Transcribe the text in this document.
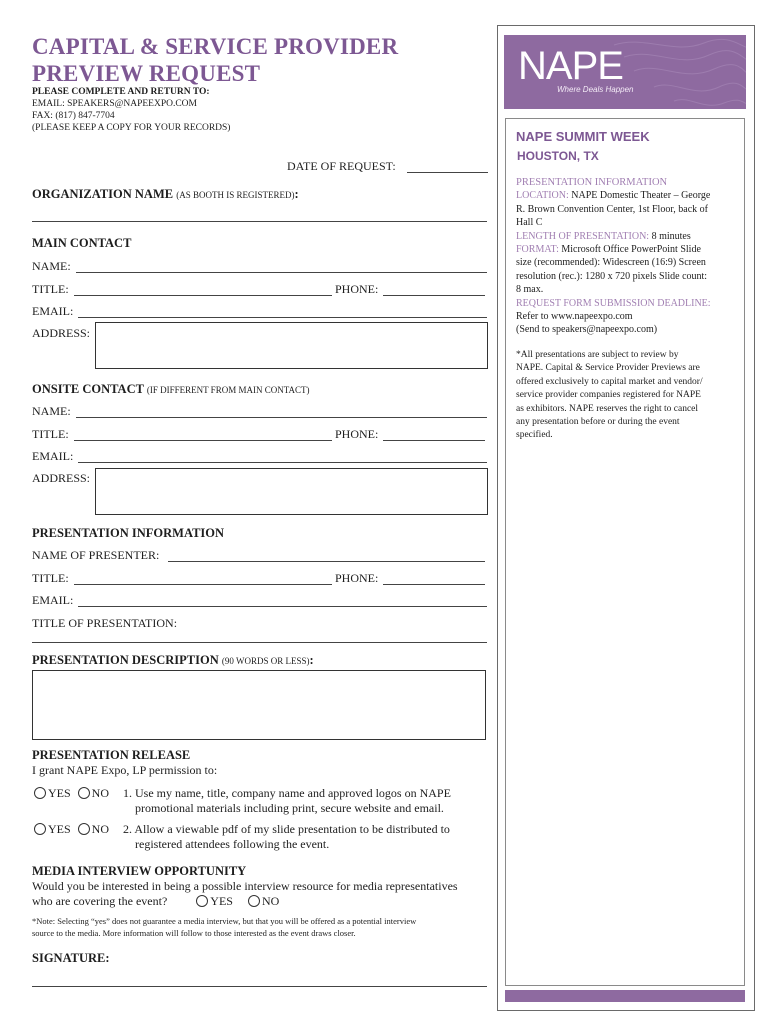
CAPITAL & SERVICE PROVIDER
PREVIEW REQUEST
PLEASE COMPLETE AND RETURN TO:
EMAIL: SPEAKERS@NAPEEXPO.COM
FAX: (817) 847-7704
(PLEASE KEEP A COPY FOR YOUR RECORDS)
DATE OF REQUEST:
ORGANIZATION NAME (AS BOOTH IS REGISTERED):
MAIN CONTACT
NAME:
TITLE:	PHONE:
EMAIL:
ADDRESS:
ONSITE CONTACT (IF DIFFERENT FROM MAIN CONTACT)
NAME:
TITLE:	PHONE:
EMAIL:
ADDRESS:
PRESENTATION INFORMATION
NAME OF PRESENTER:
TITLE:	PHONE:
EMAIL:
TITLE OF PRESENTATION:
PRESENTATION DESCRIPTION (90 WORDS OR LESS):
PRESENTATION RELEASE
I grant NAPE Expo, LP permission to:
YES NO 1. Use my name, title, company name and approved logos on NAPE
promotional materials including print, secure website and email.
YES NO 2. Allow a viewable pdf of my slide presentation to be distributed to
registered attendees following the event.
MEDIA INTERVIEW OPPORTUNITY
Would you be interested in being a possible interview resource for media representatives
who are covering the event?	YES NO
*Note: Selecting “yes” does not guarantee a media interview, but that you will be offered as a potential interview
source to the media. More information will follow to those interested as the event draws closer.
SIGNATURE:
NAPE
Where Deals Happen
NAPE SUMMIT WEEK
HOUSTON, TX
PRESENTATION INFORMATION
LOCATION: NAPE Domestic Theater – George
R. Brown Convention Center, 1st Floor, back of
Hall C
LENGTH OF PRESENTATION: 8 minutes
FORMAT: Microsoft Office PowerPoint Slide
size (recommended): Widescreen (16:9) Screen
resolution (rec.): 1280 x 720 pixels Slide count:
8 max.
REQUEST FORM SUBMISSION DEADLINE:
Refer to www.napeexpo.com
(Send to speakers@napeexpo.com)
*All presentations are subject to review by
NAPE. Capital & Service Provider Previews are
offered exclusively to capital market and vendor/
service provider companies registered for NAPE
as exhibitors. NAPE reserves the right to cancel
any presentation before or during the event
specified.
